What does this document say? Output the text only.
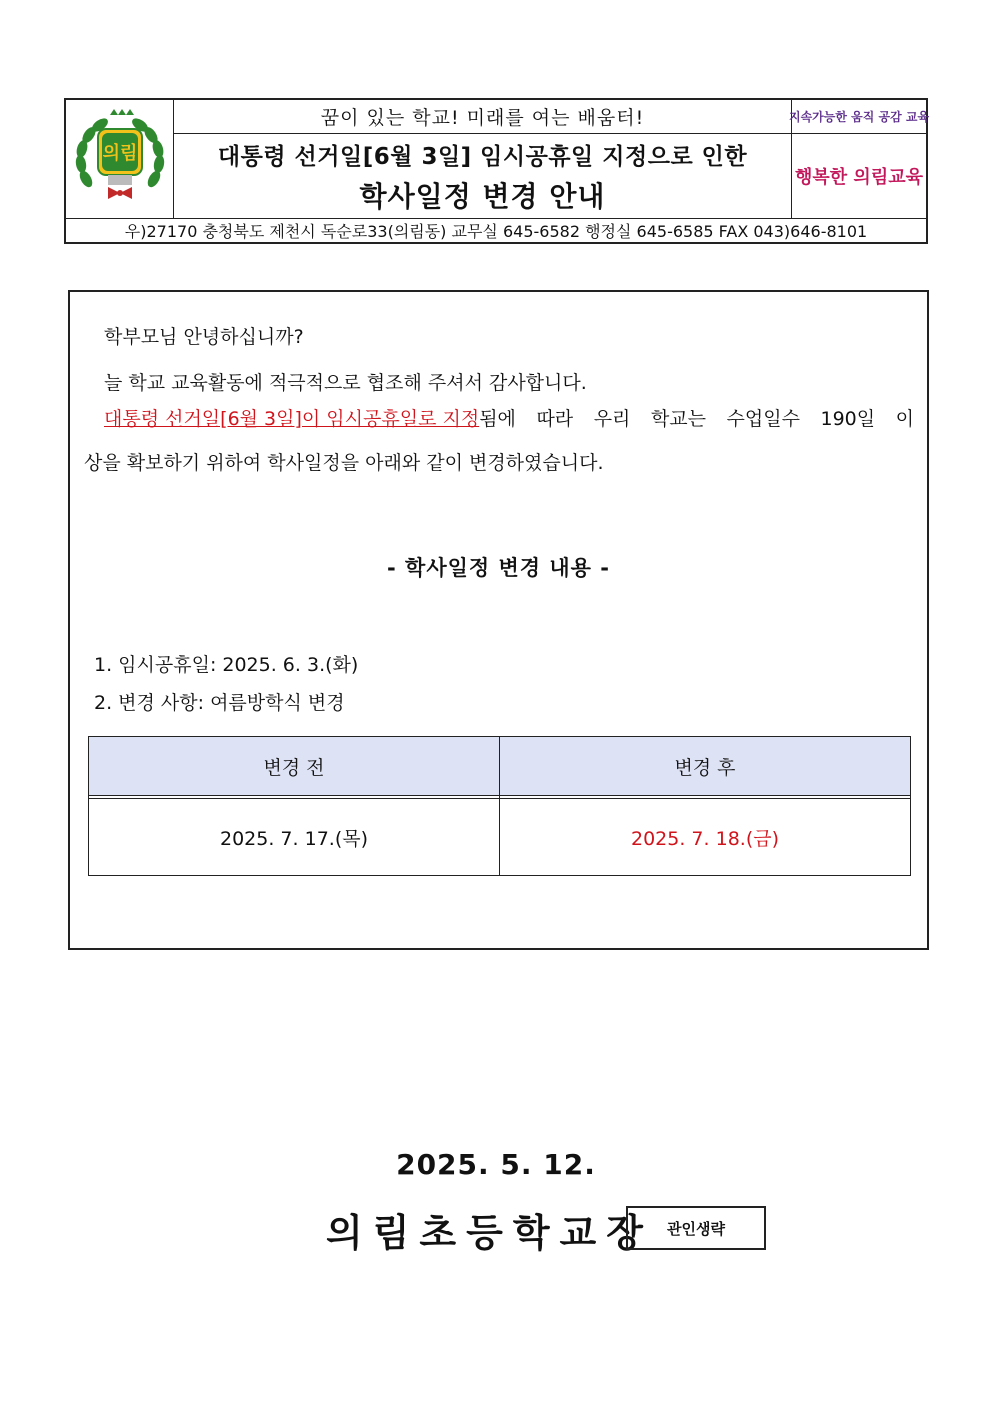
의림
꿈이 있는 학교! 미래를 여는 배움터!
대통령 선거일[6월 3일] 임시공휴일 지정으로 인한
학사일정 변경 안내
지속가능한 움직 공감 교육
행복한 의림교육
우)27170 충청북도 제천시 독순로33(의림동) 교무실 645-6582 행정실 645-6585 FAX 043)646-8101
학부모님 안녕하십니까?
늘 학교 교육활동에 적극적으로 협조해 주셔서 감사합니다.
대통령 선거일[6월 3일]이 임시공휴일로 지정됨에 따라 우리 학교는 수업일수 190일 이
상을 확보하기 위하여 학사일정을 아래와 같이 변경하였습니다.
- 학사일정 변경 내용 -
1. 임시공휴일: 2025. 6. 3.(화)
2. 변경 사항: 여름방학식 변경
변경 전	변경 후

2025. 7. 17.(목)	2025. 7. 18.(금)
2025. 5. 12.
의림초등학교장 관인생략
